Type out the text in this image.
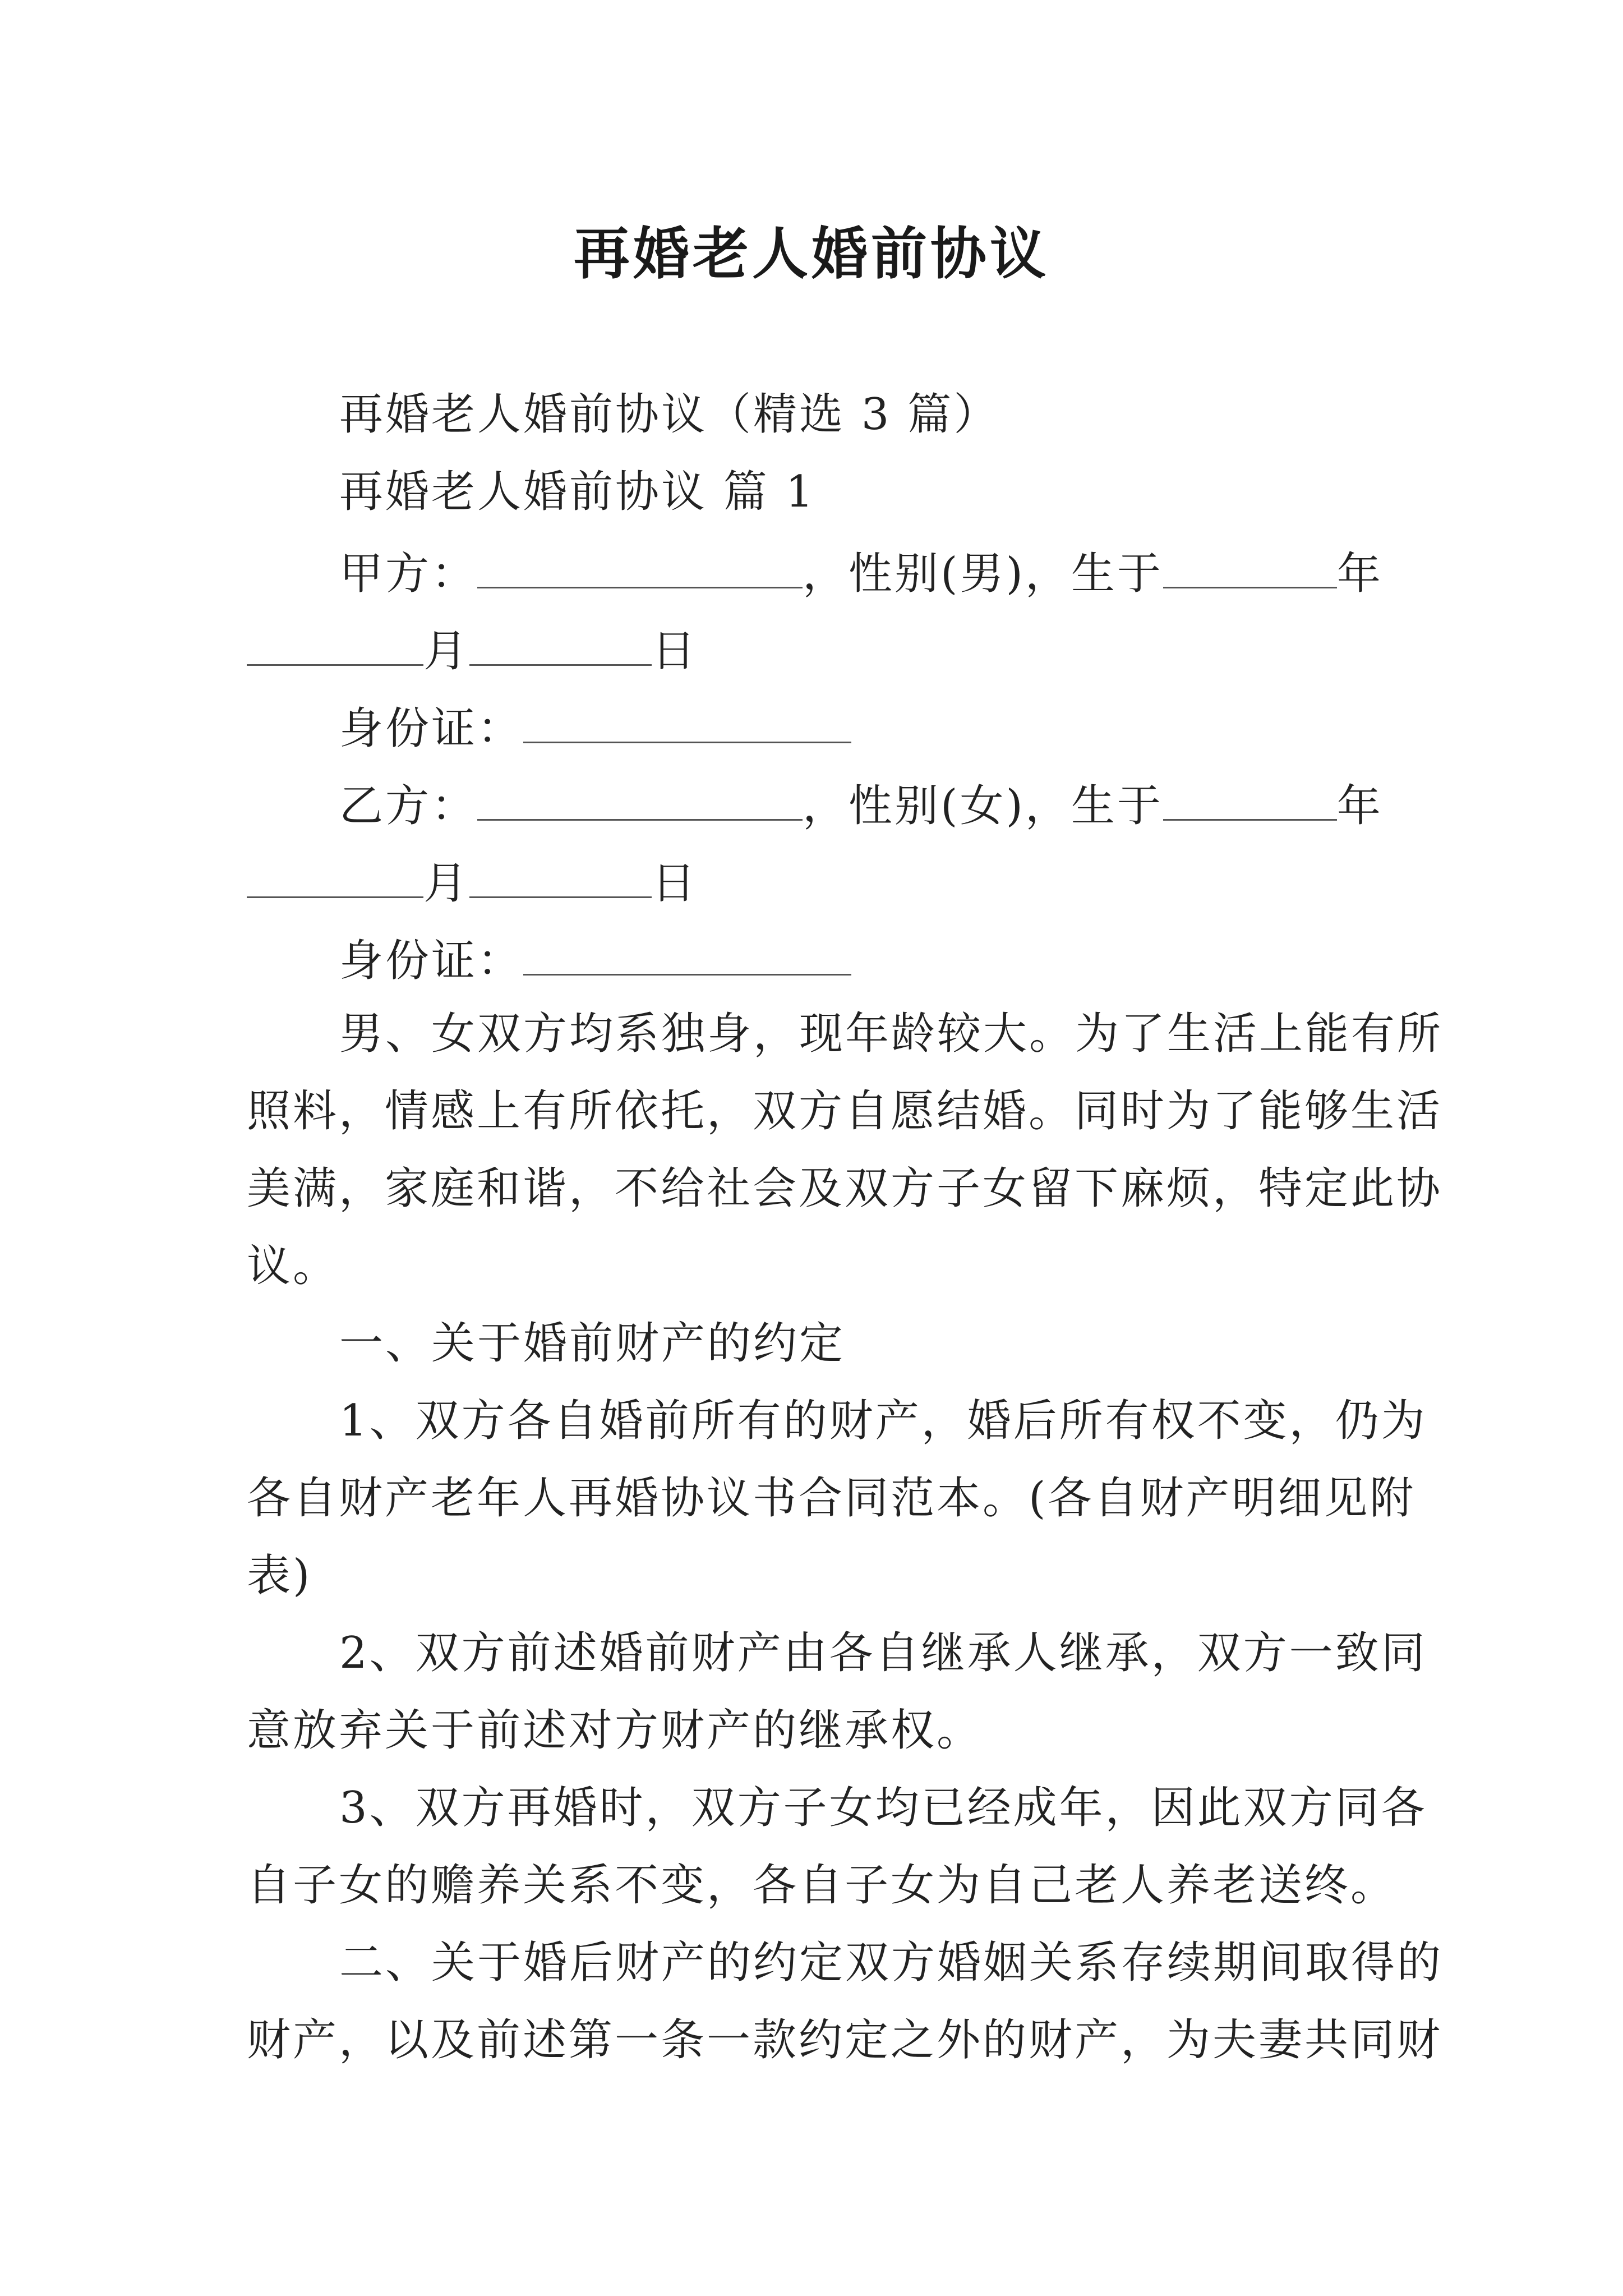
再婚老人婚前协议
再婚老人婚前协议（精选 3 篇）
再婚老人婚前协议 篇 1
甲方：	，性别(男)，生于	年
月	日
身份证：
乙方：	，性别(女)，生于	年
月	日
身份证：
男、女双方均系独身，现年龄较大。为了生活上能有所
照料，情感上有所依托，双方自愿结婚。同时为了能够生活
美满，家庭和谐，不给社会及双方子女留下麻烦，特定此协
议。
一、关于婚前财产的约定
1、双方各自婚前所有的财产，婚后所有权不变，仍为
各自财产老年人再婚协议书合同范本。(各自财产明细见附
表)
2、双方前述婚前财产由各自继承人继承，双方一致同
意放弃关于前述对方财产的继承权。
3、双方再婚时，双方子女均已经成年，因此双方同各
自子女的赡养关系不变，各自子女为自己老人养老送终。
二、关于婚后财产的约定双方婚姻关系存续期间取得的
财产，以及前述第一条一款约定之外的财产，为夫妻共同财
